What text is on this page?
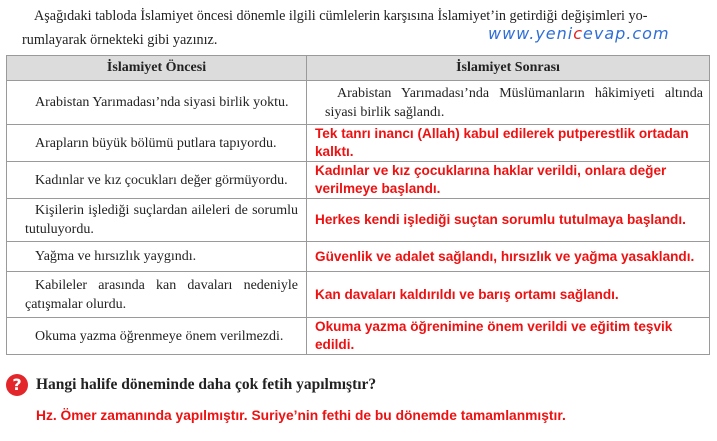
Aşağıdaki tabloda İslamiyet öncesi dönemle ilgili cümlelerin karşısına İslamiyet’in getirdiği değişimleri yo-
rumlayarak örnekteki gibi yazınız.	www.yenicevap.com
İslamiyet Öncesi	İslamiyet Sonrası
Arabistan Yarımadası’nda siyasi birlik yoktu.	Arabistan Yarımadası’nda Müslümanların hâkimiyeti altında siyasi birlik sağlandı.

Arapların büyük bölümü putlara tapıyordu.	Tek tanrı inancı (Allah) kabul edilerek putperestlik ortadan kalktı.

Kadınlar ve kız çocukları değer görmüyordu.	Kadınlar ve kız çocuklarına haklar verildi, onlara değer verilmeye başlandı.

Kişilerin işlediği suçlardan aileleri de sorumlu tutuluyordu.	Herkes kendi işlediği suçtan sorumlu tutulmaya başlandı.

Yağma ve hırsızlık yaygındı.	Güvenlik ve adalet sağlandı, hırsızlık ve yağma yasaklandı.

Kabileler arasında kan davaları nedeniyle çatışmalar olurdu.	Kan davaları kaldırıldı ve barış ortamı sağlandı.

Okuma yazma öğrenmeye önem verilmezdi.	Okuma yazma öğrenimine önem verildi ve eğitim teşvik edildi.
? Hangi halife döneminde daha çok fetih yapılmıştır?
Hz. Ömer zamanında yapılmıştır. Suriye’nin fethi de bu dönemde tamamlanmıştır.
